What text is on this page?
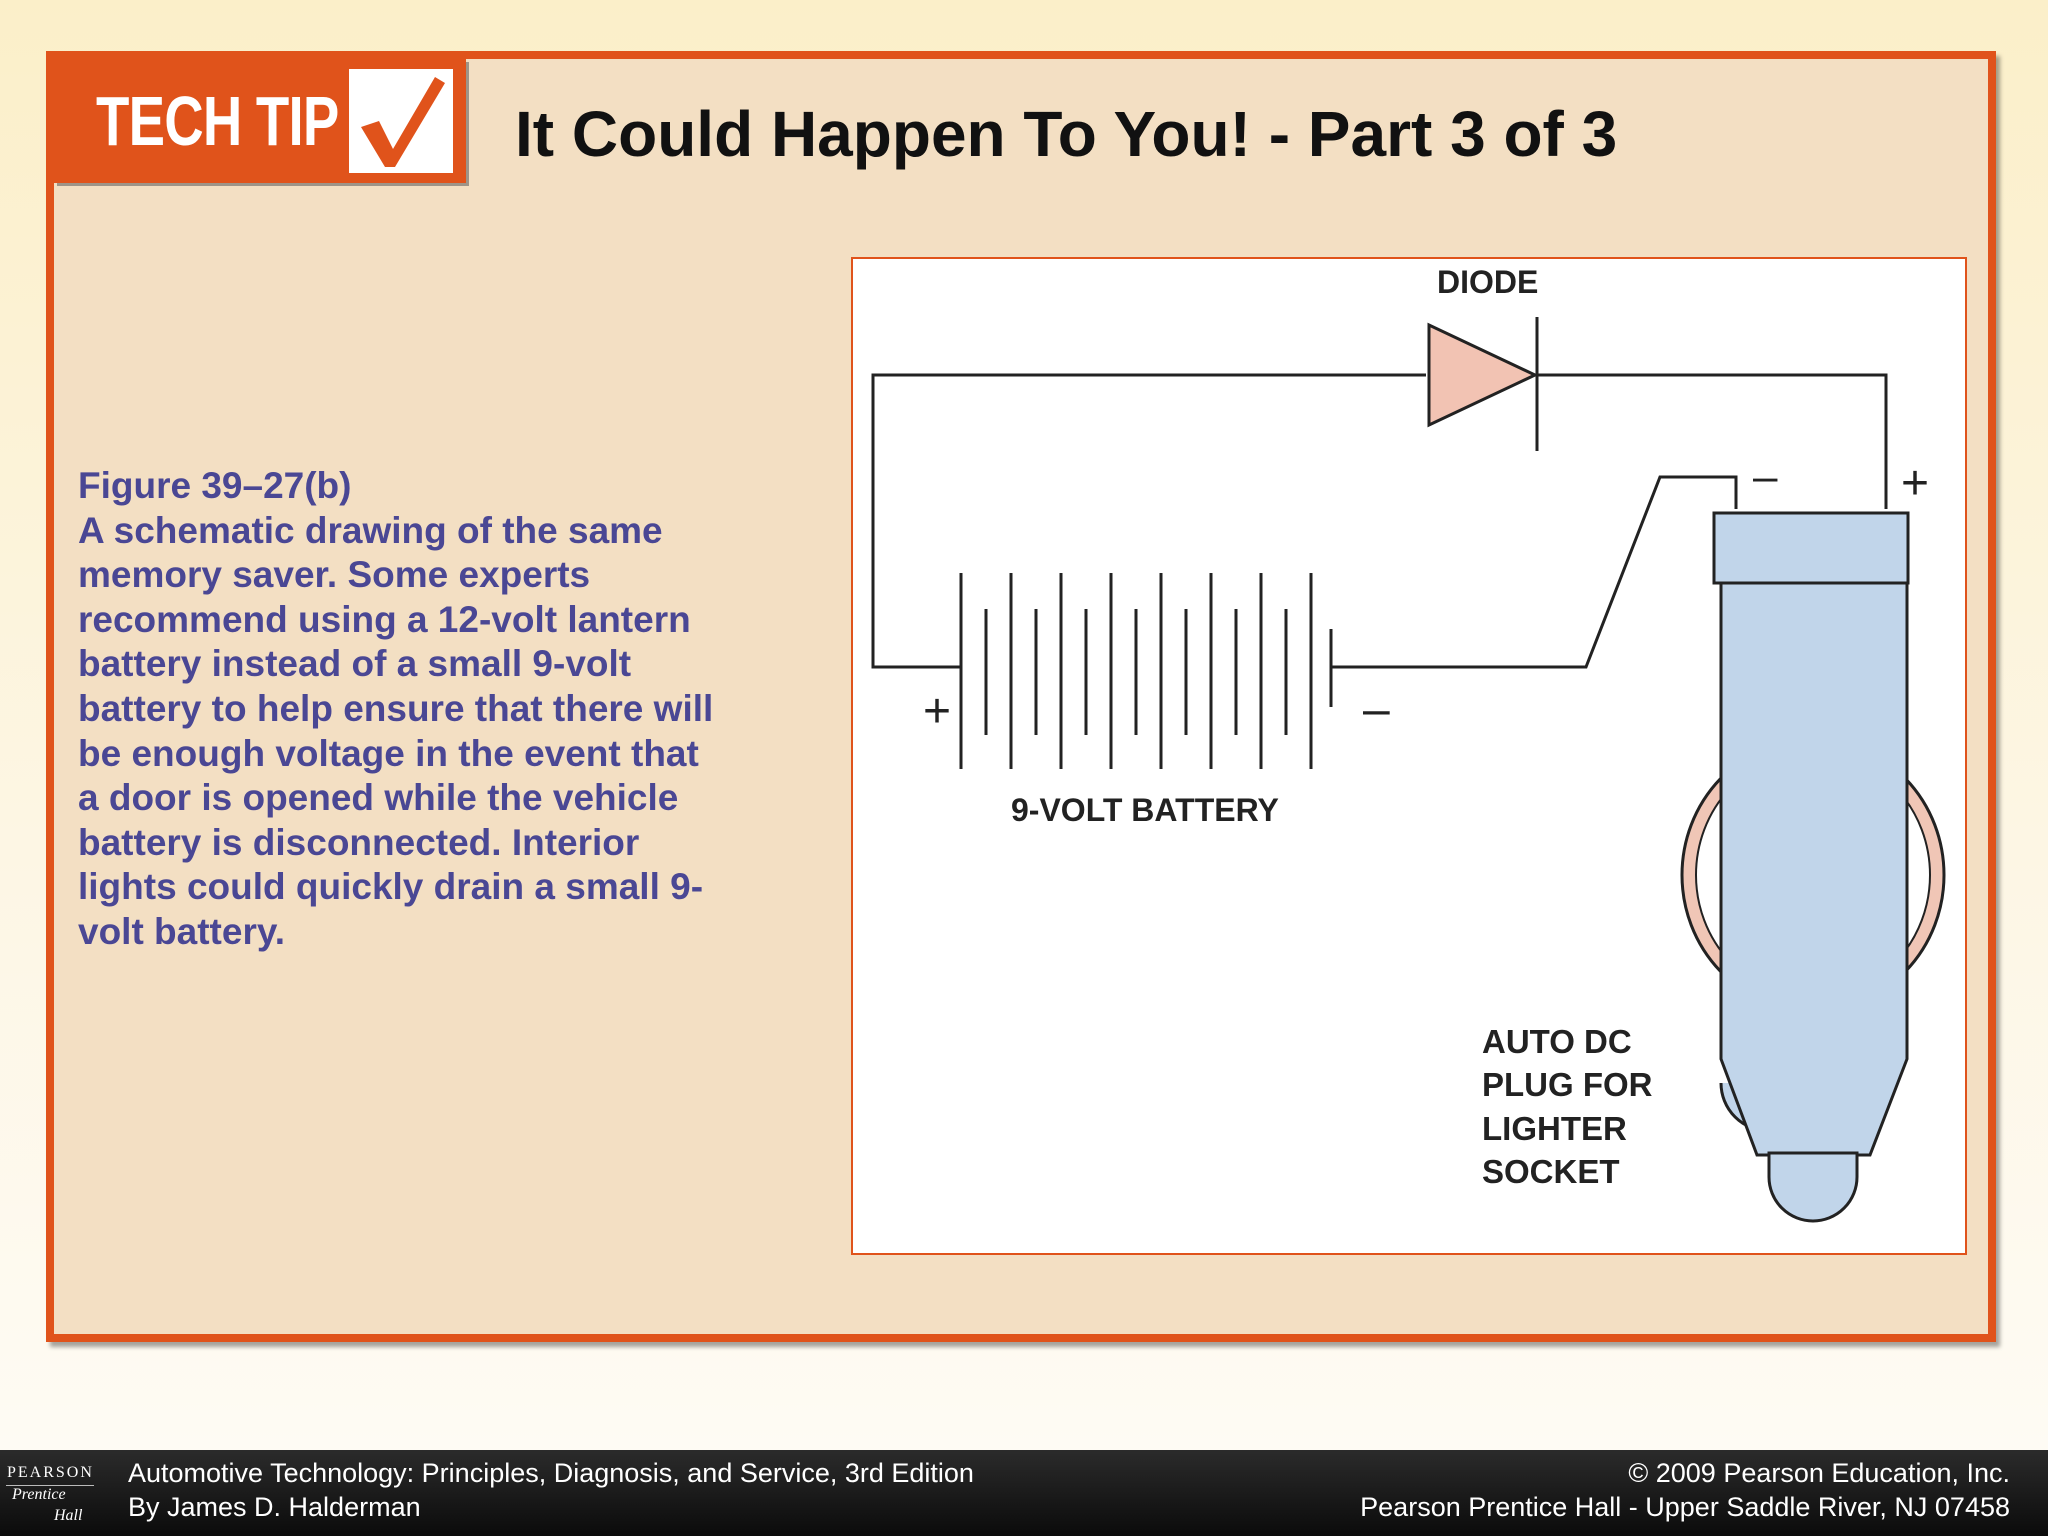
TECH TIP	It Could Happen To You! - Part 3 of 3
Figure 39–27(b)
A schematic drawing of the same
memory saver. Some experts
recommend using a 12-volt lantern
battery instead of a small 9-volt
battery to help ensure that there will
be enough voltage in the event that
a door is opened while the vehicle
battery is disconnected. Interior
lights could quickly drain a small 9-
volt battery.
DIODE
+	–
9-VOLT BATTERY
–	+
AUTO DC
PLUG FOR
LIGHTER
SOCKET
PEARSON
Prentice
Hall
Automotive Technology: Principles, Diagnosis, and Service, 3rd Edition
By James D. Halderman
© 2009 Pearson Education, Inc.
Pearson Prentice Hall - Upper Saddle River, NJ 07458
